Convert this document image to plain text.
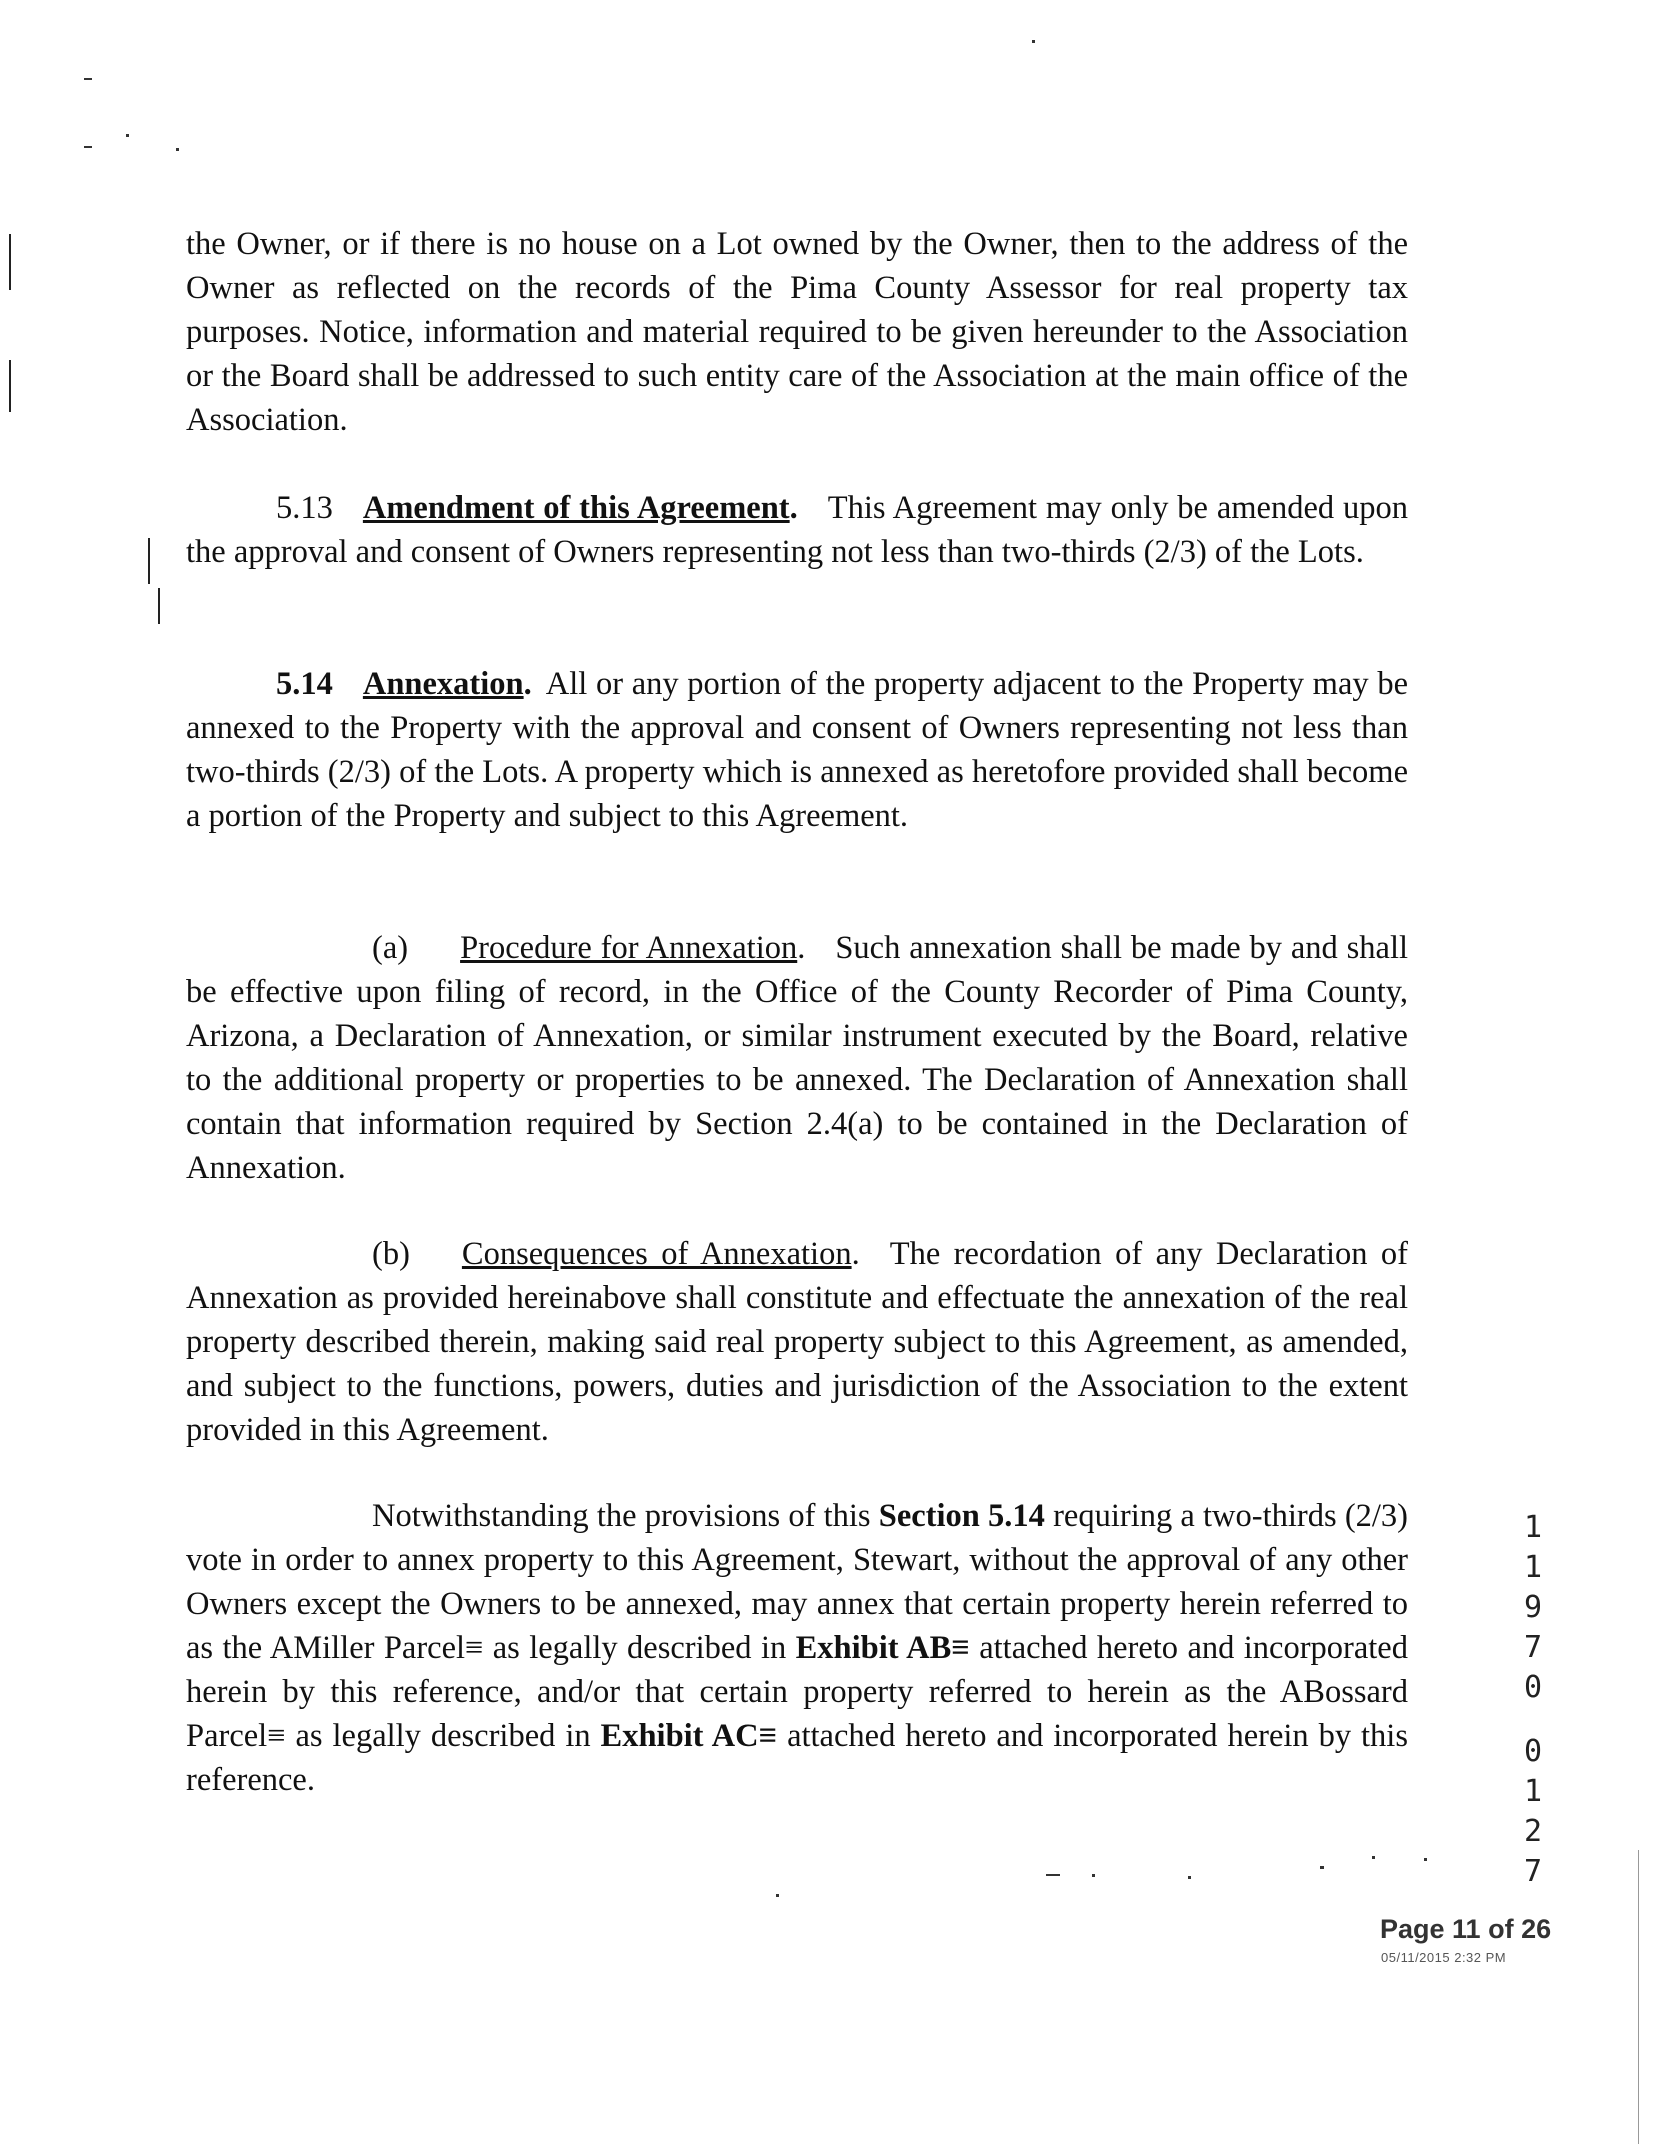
the Owner, or if there is no house on a Lot owned by the Owner, then to the address of the Owner as reflected on the records of the Pima County Assessor for real property tax purposes. Notice, information and material required to be given hereunder to the Association or the Board shall be addressed to such entity care of the Association at the main office of the Association.

5.13 Amendment of this Agreement. This Agreement may only be amended upon the approval and consent of Owners representing not less than two-thirds (2/3) of the Lots.

5.14 Annexation. All or any portion of the property adjacent to the Property may be annexed to the Property with the approval and consent of Owners representing not less than two-thirds (2/3) of the Lots. A property which is annexed as heretofore provided shall become a portion of the Property and subject to this Agreement.

(a) Procedure for Annexation. Such annexation shall be made by and shall be effective upon filing of record, in the Office of the County Recorder of Pima County, Arizona, a Declaration of Annexation, or similar instrument executed by the Board, relative to the additional property or properties to be annexed. The Declaration of Annexation shall contain that information required by Section 2.4(a) to be contained in the Declaration of Annexation.

(b) Consequences of Annexation. The recordation of any Declaration of Annexation as provided hereinabove shall constitute and effectuate the annexation of the real property described therein, making said real property subject to this Agreement, as amended, and subject to the functions, powers, duties and jurisdiction of the Association to the extent provided in this Agreement.

Notwithstanding the provisions of this Section 5.14 requiring a two-thirds (2/3) vote in order to annex property to this Agreement, Stewart, without the approval of any other Owners except the Owners to be annexed, may annex that certain property herein referred to as the AMiller Parcel≡ as legally described in Exhibit AB≡ attached hereto and incorporated herein by this reference, and/or that certain property referred to herein as the ABossard Parcel≡ as legally described in Exhibit AC≡ attached hereto and incorporated herein by this reference.

1
1
9
7
0
0
1
2
7
Page 11 of 26
05/11/2015 2:32 PM
